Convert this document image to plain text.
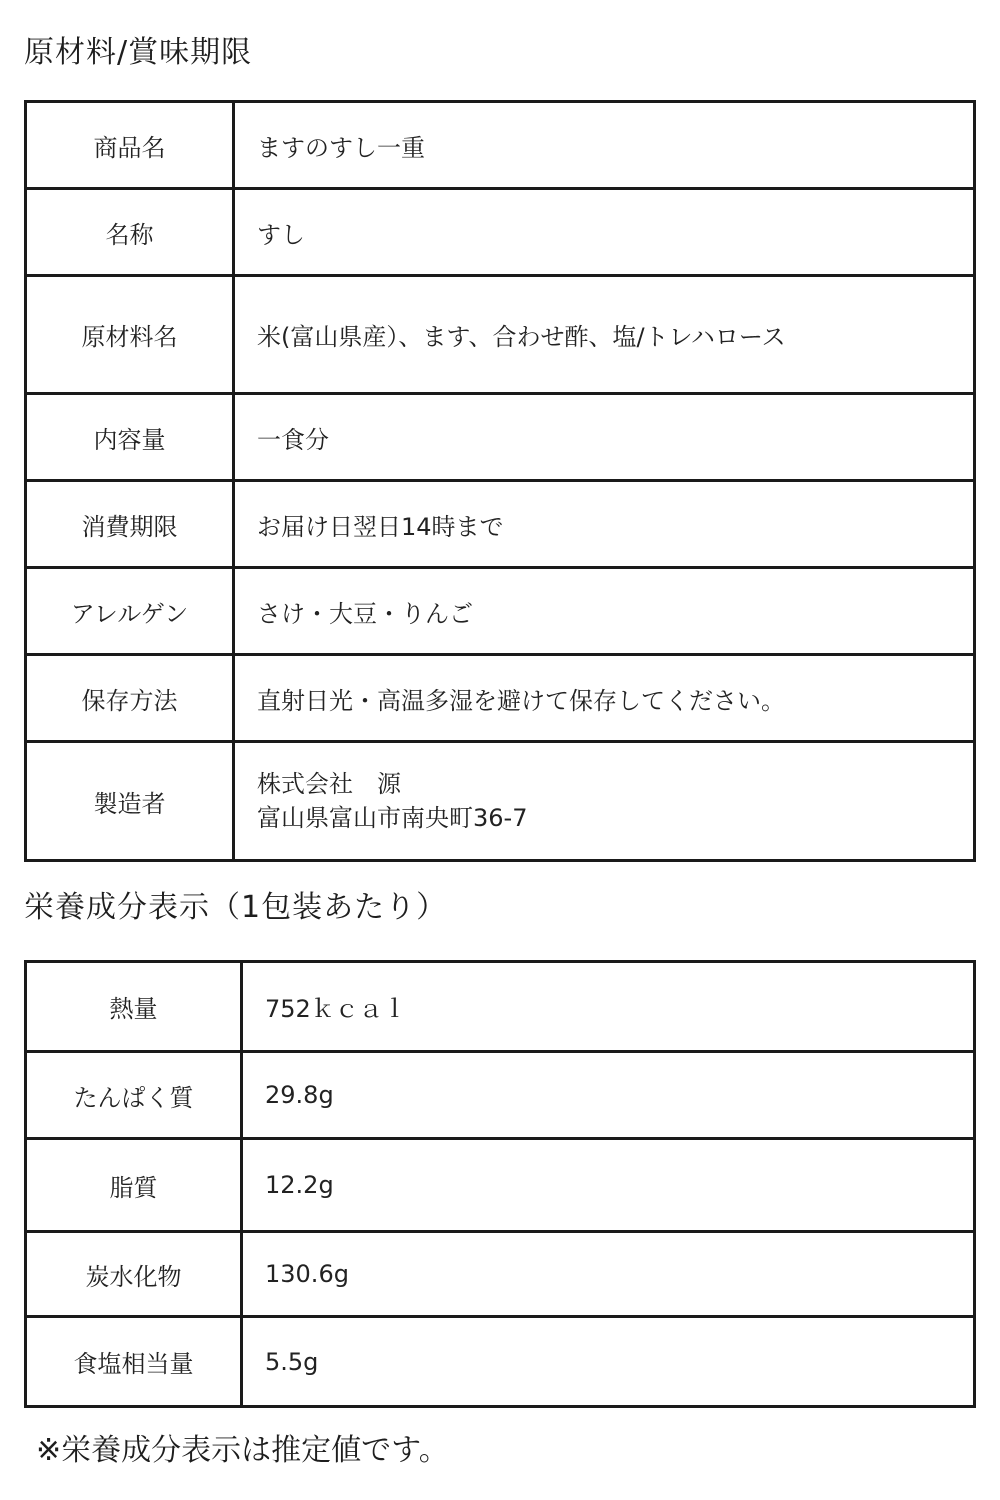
原材料/賞味期限
商品名	ますのすし一重
名称	すし
原材料名	米(富山県産）、ます、合わせ酢、塩/トレハロース
内容量	一食分
消費期限	お届け日翌日14時まで
アレルゲン	さけ・大豆・りんご
保存方法	直射日光・高温多湿を避けて保存してください。
製造者	株式会社　源
富山県富山市南央町36-7
栄養成分表示（1包装あたり）
熱量	752ｋｃａｌ
たんぱく質	29.8g
脂質	12.2g
炭水化物	130.6g
食塩相当量	5.5g
※栄養成分表示は推定値です。
